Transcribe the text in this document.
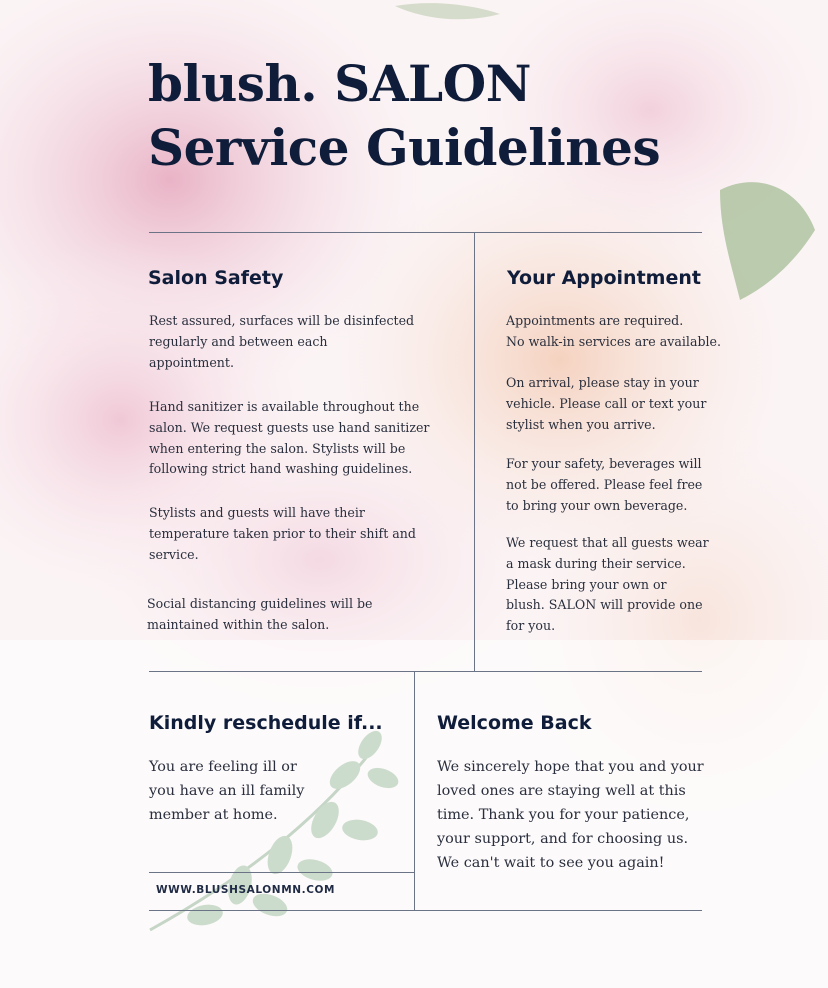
blush. SALON
Service Guidelines
Salon Safety

Rest assured, surfaces will be disinfected
regularly and between each
appointment.

Hand sanitizer is available throughout the
salon. We request guests use hand sanitizer
when entering the salon. Stylists will be
following strict hand washing guidelines.

Stylists and guests will have their
temperature taken prior to their shift and
service.

Social distancing guidelines will be
maintained within the salon.

Your Appointment

Appointments are required.
No walk-in services are available.

On arrival, please stay in your
vehicle. Please call or text your
stylist when you arrive.

For your safety, beverages will
not be offered. Please feel free
to bring your own beverage.

We request that all guests wear
a mask during their service.
Please bring your own or
blush. SALON will provide one
for you.

Kindly reschedule if...

You are feeling ill or
you have an ill family
member at home.

Welcome Back

We sincerely hope that you and your
loved ones are staying well at this
time. Thank you for your patience,
your support, and for choosing us.
We can't wait to see you again!

WWW.BLUSHSALONMN.COM
